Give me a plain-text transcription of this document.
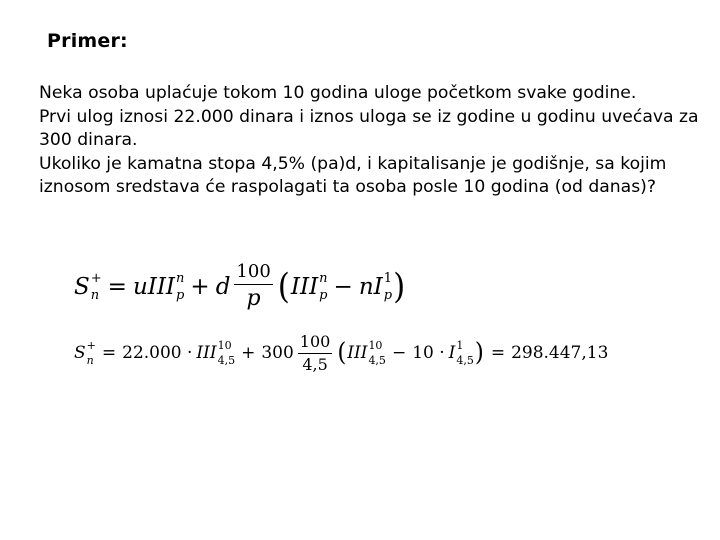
Primer:

Neka osoba uplaćuje tokom 10 godina uloge početkom svake godine.

Prvi ulog iznosi 22.000 dinara i iznos uloga se iz godine u godinu uvećava za 300 dinara.

Ukoliko je kamatna stopa 4,5% (pa)d, i kapitalisanje je godišnje, sa kojim iznosom sredstava će raspolagati ta osoba posle 10 godina (od danas)?

S +
n = uIII n
p + d $\frac{100}{p}$ ( III n
p − nI 1
p )
S +
n = 22.000 · III 10
$4,5 + 300 \frac{100}{4,5}$ ( III 10
4,5 − 10 · I 1
4,5 ) = 298.447,13
